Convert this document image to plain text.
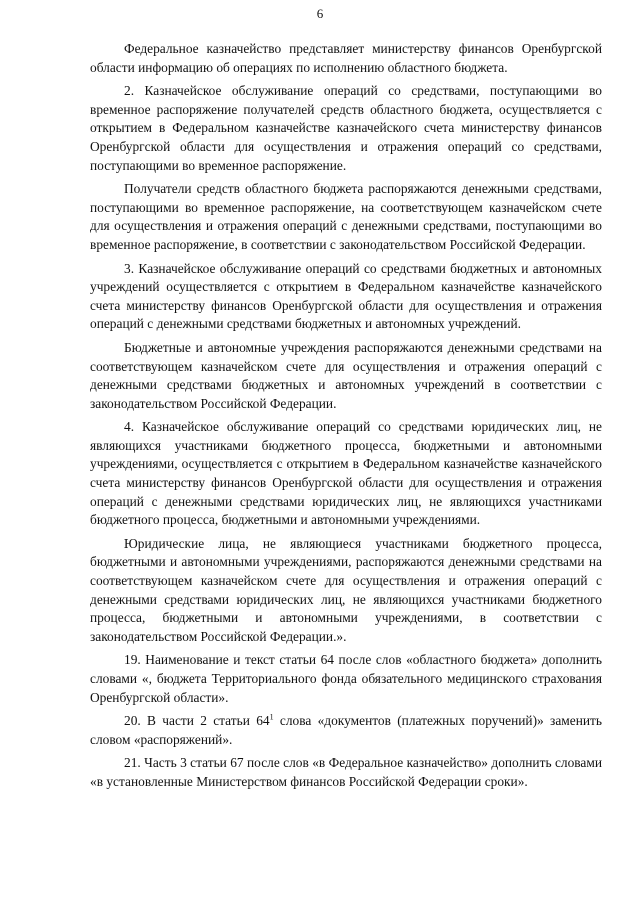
6

Федеральное казначейство представляет министерству финансов Оренбургской области информацию об операциях по исполнению областного бюджета.

2. Казначейское обслуживание операций со средствами, поступающими во временное распоряжение получателей средств областного бюджета, осуществляется с открытием в Федеральном казначействе казначейского счета министерству финансов Оренбургской области для осуществления и отражения операций со средствами, поступающими во временное распоряжение.

Получатели средств областного бюджета распоряжаются денежными средствами, поступающими во временное распоряжение, на соответствующем казначейском счете для осуществления и отражения операций с денежными средствами, поступающими во временное распоряжение, в соответствии с законодательством Российской Федерации.

3. Казначейское обслуживание операций со средствами бюджетных и автономных учреждений осуществляется с открытием в Федеральном казначействе казначейского счета министерству финансов Оренбургской области для осуществления и отражения операций с денежными средствами бюджетных и автономных учреждений.

Бюджетные и автономные учреждения распоряжаются денежными средствами на соответствующем казначейском счете для осуществления и отражения операций с денежными средствами бюджетных и автономных учреждений в соответствии с законодательством Российской Федерации.

4. Казначейское обслуживание операций со средствами юридических лиц, не являющихся участниками бюджетного процесса, бюджетными и автономными учреждениями, осуществляется с открытием в Федеральном казначействе казначейского счета министерству финансов Оренбургской области для осуществления и отражения операций с денежными средствами юридических лиц, не являющихся участниками бюджетного процесса, бюджетными и автономными учреждениями.

Юридические лица, не являющиеся участниками бюджетного процесса, бюджетными и автономными учреждениями, распоряжаются денежными средствами на соответствующем казначейском счете для осуществления и отражения операций с денежными средствами юридических лиц, не являющихся участниками бюджетного процесса, бюджетными и автономными учреждениями, в соответствии с законодательством Российской Федерации.».

19. Наименование и текст статьи 64 после слов «областного бюджета» дополнить словами «, бюджета Территориального фонда обязательного медицинского страхования Оренбургской области».

20. В части 2 статьи $64^1$ слова «документов (платежных поручений)» заменить словом «распоряжений».

21. Часть 3 статьи 67 после слов «в Федеральное казначейство» дополнить словами «в установленные Министерством финансов Российской Федерации сроки».
